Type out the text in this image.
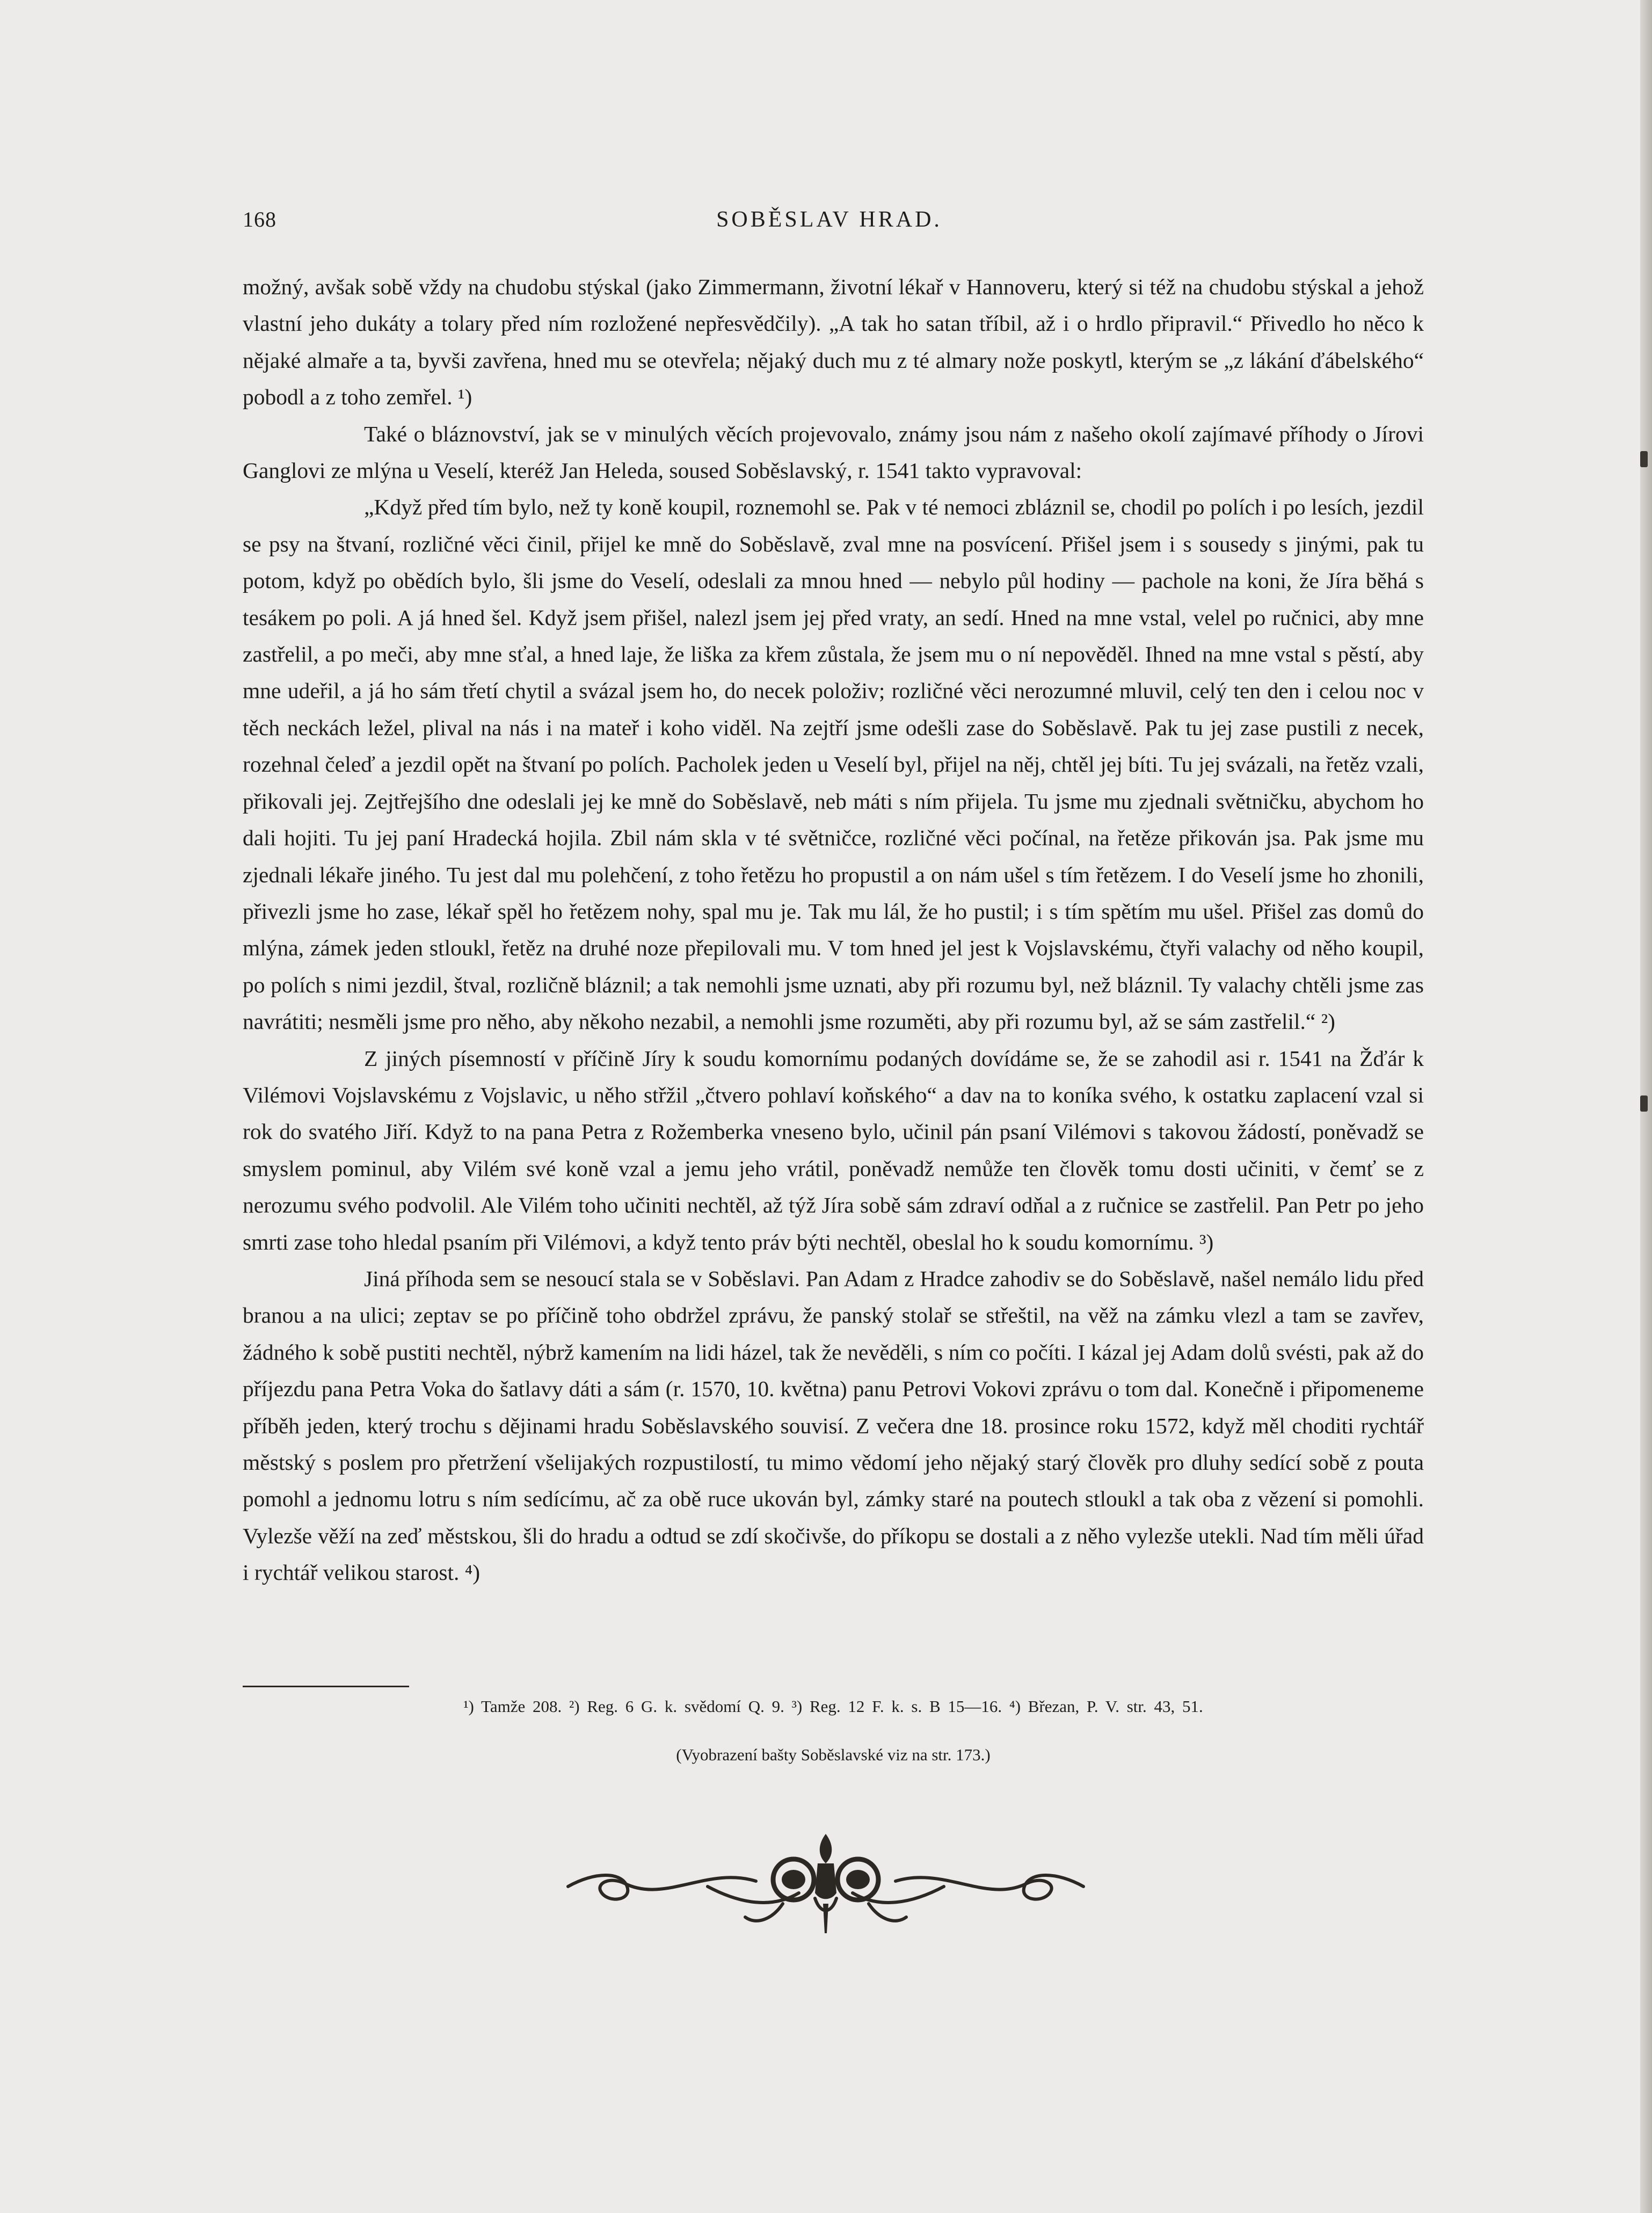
168	SOBĚSLAV HRAD.

možný, avšak sobě vždy na chudobu stýskal (jako Zimmermann, životní lékař v Hannoveru, který si též na chudobu stýskal a jehož vlastní jeho dukáty a tolary před ním rozložené nepřesvědčily). „A tak ho satan tříbil, až i o hrdlo připravil.“ Přivedlo ho něco k nějaké almaře a ta, byvši zavřena, hned mu se otevřela; nějaký duch mu z té almary nože poskytl, kterým se „z lákání ďábelského“ pobodl a z toho zemřel. ¹)

Také o bláznovství, jak se v minulých věcích projevovalo, známy jsou nám z našeho okolí zajímavé příhody o Jírovi Ganglovi ze mlýna u Veselí, kteréž Jan Heleda, soused Soběslavský, r. 1541 takto vypravoval:

„Když před tím bylo, než ty koně koupil, roznemohl se. Pak v té nemoci zbláznil se, chodil po polích i po lesích, jezdil se psy na štvaní, rozličné věci činil, přijel ke mně do Soběslavě, zval mne na posvícení. Přišel jsem i s sousedy s jinými, pak tu potom, když po obědích bylo, šli jsme do Veselí, odeslali za mnou hned — nebylo půl hodiny — pachole na koni, že Jíra běhá s tesákem po poli. A já hned šel. Když jsem přišel, nalezl jsem jej před vraty, an sedí. Hned na mne vstal, velel po ručnici, aby mne zastřelil, a po meči, aby mne sťal, a hned laje, že liška za křem zůstala, že jsem mu o ní nepověděl. Ihned na mne vstal s pěstí, aby mne udeřil, a já ho sám třetí chytil a svázal jsem ho, do necek položiv; rozličné věci nerozumné mluvil, celý ten den i celou noc v těch neckách ležel, plival na nás i na mateř i koho viděl. Na zejtří jsme odešli zase do Soběslavě. Pak tu jej zase pustili z necek, rozehnal čeleď a jezdil opět na štvaní po polích. Pacholek jeden u Veselí byl, přijel na něj, chtěl jej bíti. Tu jej svázali, na řetěz vzali, přikovali jej. Zejtřejšího dne odeslali jej ke mně do Soběslavě, neb máti s ním přijela. Tu jsme mu zjednali světničku, abychom ho dali hojiti. Tu jej paní Hradecká hojila. Zbil nám skla v té světničce, rozličné věci počínal, na řetěze přikován jsa. Pak jsme mu zjednali lékaře jiného. Tu jest dal mu polehčení, z toho řetězu ho propustil a on nám ušel s tím řetězem. I do Veselí jsme ho zhonili, přivezli jsme ho zase, lékař spěl ho řetězem nohy, spal mu je. Tak mu lál, že ho pustil; i s tím spětím mu ušel. Přišel zas domů do mlýna, zámek jeden stloukl, řetěz na druhé noze přepilovali mu. V tom hned jel jest k Vojslavskému, čtyři valachy od něho koupil, po polích s nimi jezdil, štval, rozličně bláznil; a tak nemohli jsme uznati, aby při rozumu byl, než bláznil. Ty valachy chtěli jsme zas navrátiti; nesměli jsme pro něho, aby někoho nezabil, a nemohli jsme rozuměti, aby při rozumu byl, až se sám zastřelil.“ ²)

Z jiných písemností v příčině Jíry k soudu komornímu podaných dovídáme se, že se zahodil asi r. 1541 na Žďár k Vilémovi Vojslavskému z Vojslavic, u něho střžil „čtvero pohlaví koňského“ a dav na to koníka svého, k ostatku zaplacení vzal si rok do svatého Jiří. Když to na pana Petra z Rožemberka vneseno bylo, učinil pán psaní Vilémovi s takovou žádostí, poněvadž se smyslem pominul, aby Vilém své koně vzal a jemu jeho vrátil, poněvadž nemůže ten člověk tomu dosti učiniti, v čemť se z nerozumu svého podvolil. Ale Vilém toho učiniti nechtěl, až týž Jíra sobě sám zdraví odňal a z ručnice se zastřelil. Pan Petr po jeho smrti zase toho hledal psaním při Vilémovi, a když tento práv býti nechtěl, obeslal ho k soudu komornímu. ³)

Jiná příhoda sem se nesoucí stala se v Soběslavi. Pan Adam z Hradce zahodiv se do Soběslavě, našel nemálo lidu před branou a na ulici; zeptav se po příčině toho obdržel zprávu, že panský stolař se střeštil, na věž na zámku vlezl a tam se zavřev, žádného k sobě pustiti nechtěl, nýbrž kamením na lidi házel, tak že nevěděli, s ním co počíti. I kázal jej Adam dolů svésti, pak až do příjezdu pana Petra Voka do šatlavy dáti a sám (r. 1570, 10. května) panu Petrovi Vokovi zprávu o tom dal. Konečně i připomeneme příběh jeden, který trochu s dějinami hradu Soběslavského souvisí. Z večera dne 18. prosince roku 1572, když měl choditi rychtář městský s poslem pro přetržení všelijakých rozpustilostí, tu mimo vědomí jeho nějaký starý člověk pro dluhy sedící sobě z pouta pomohl a jednomu lotru s ním sedícímu, ač za obě ruce ukován byl, zámky staré na poutech stloukl a tak oba z vězení si pomohli. Vylezše věží na zeď městskou, šli do hradu a odtud se zdí skočivše, do příkopu se dostali a z něho vylezše utekli. Nad tím měli úřad i rychtář velikou starost. ⁴)

¹) Tamže 208. ²) Reg. 6 G. k. svědomí Q. 9. ³) Reg. 12 F. k. s. B 15—16. ⁴) Březan, P. V. str. 43, 51.
(Vyobrazení bašty Soběslavské viz na str. 173.)
